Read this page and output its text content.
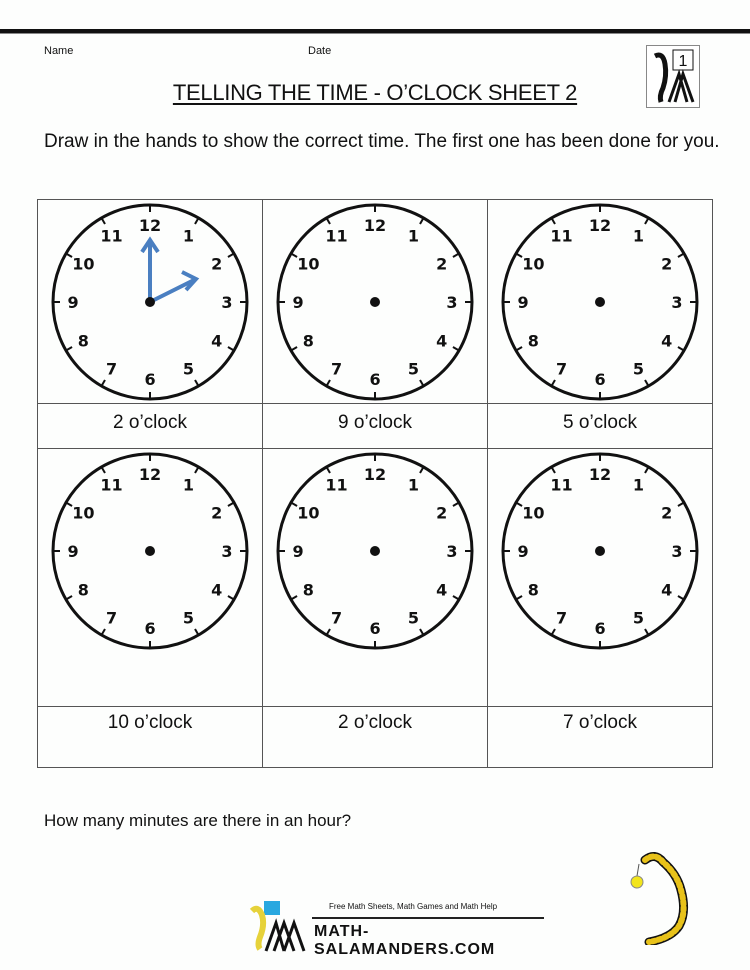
Name	Date
1
TELLING THE TIME - O’CLOCK SHEET 2
Draw in the hands to show the correct time. The first one has been done for you.
12
1
2
3
4
5
6
7
8
9
10
11

12
1
2
3
4
5
6
7
8
9
10
11

12
1
2
3
4
5
6
7
8
9
10
11

2 o’clock	9 o’clock	5 o’clock

12
1
2
3
4
5
6
7
8
9
10
11

12
1
2
3
4
5
6
7
8
9
10
11

12
1
2
3
4
5
6
7
8
9
10
11

10 o’clock	2 o’clock	7 o’clock
How many minutes are there in an hour?
Free Math Sheets, Math Games and Math Help
MATH-SALAMANDERS.COM
